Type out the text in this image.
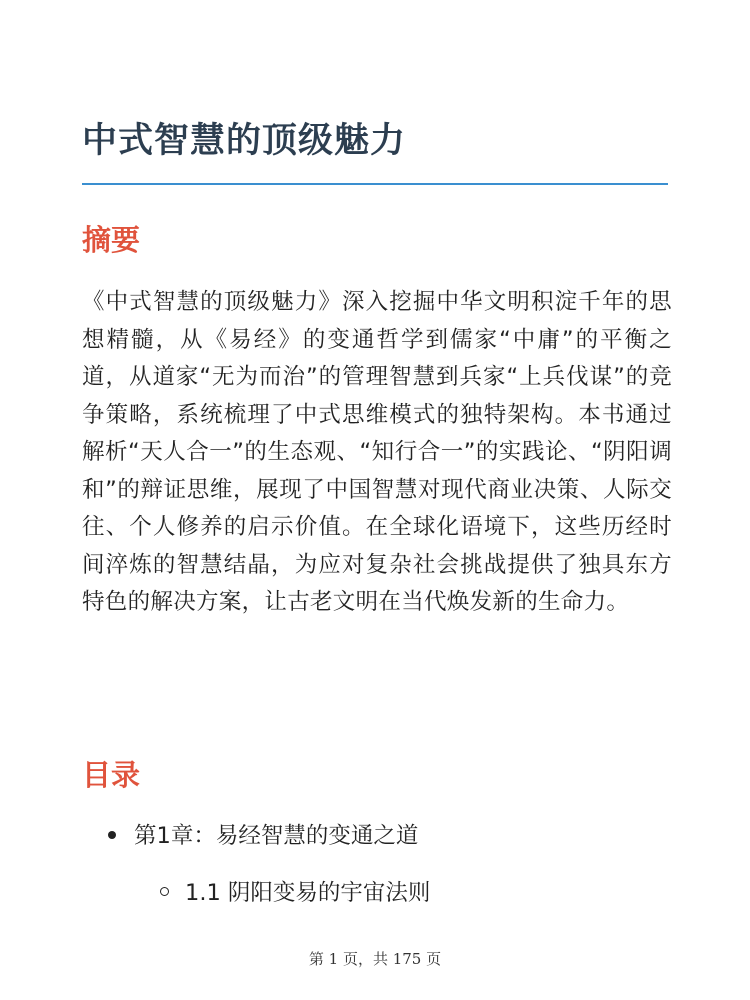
中式智慧的顶级魅力
摘要

《中式智慧的顶级魅力》深入挖掘中华文明积淀千年的思想精髓，从《易经》的变通哲学到儒家“中庸”的平衡之道，从道家“无为而治”的管理智慧到兵家“上兵伐谋”的竞争策略，系统梳理了中式思维模式的独特架构。本书通过解析“天人合一”的生态观、“知行合一”的实践论、“阴阳调和”的辩证思维，展现了中国智慧对现代商业决策、人际交往、个人修养的启示价值。在全球化语境下，这些历经时间淬炼的智慧结晶，为应对复杂社会挑战提供了独具东方特色的解决方案，让古老文明在当代焕发新的生命力。

目录
第1章：易经智慧的变通之道
1.1 阴阳变易的宇宙法则
第 1 页，共 175 页
